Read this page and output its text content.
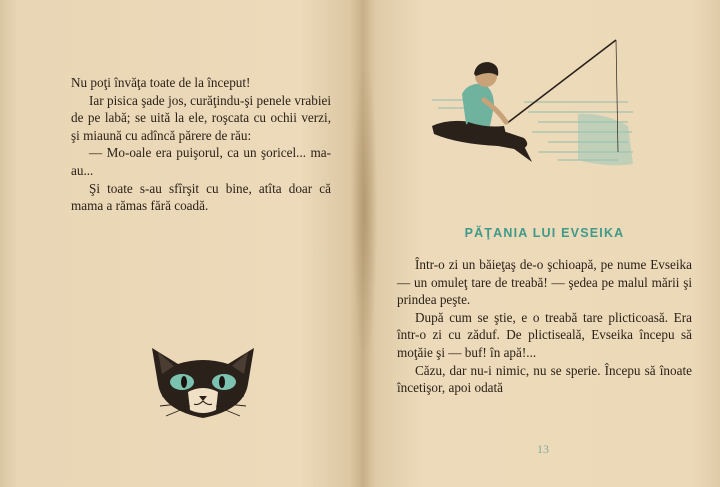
Nu poţi învăţa toate de la început!

Iar pisica şade jos, curăţindu-şi penele vrabiei de pe labă; se uită la ele, roşcata cu ochii verzi, şi miaună cu adîncă părere de rău:

— Mo-oale era puişorul, ca un şoricel... ma-au...

Şi toate s-au sfîrşit cu bine, atîta doar că mama a rămas fără coadă.

PĂŢANIA LUI EVSEIKA

Într-o zi un băieţaş de-o şchioapă, pe nume Evseika — un omuleţ tare de treabă! — şedea pe malul mării şi prindea peşte.

După cum se ştie, e o treabă tare plicticoasă. Era într-o zi cu zăduf. De plictiseală, Evseika începu să moţăie şi — buf! în apă!...

Căzu, dar nu-i nimic, nu se sperie. Începu să înoate încetişor, apoi odată

13
